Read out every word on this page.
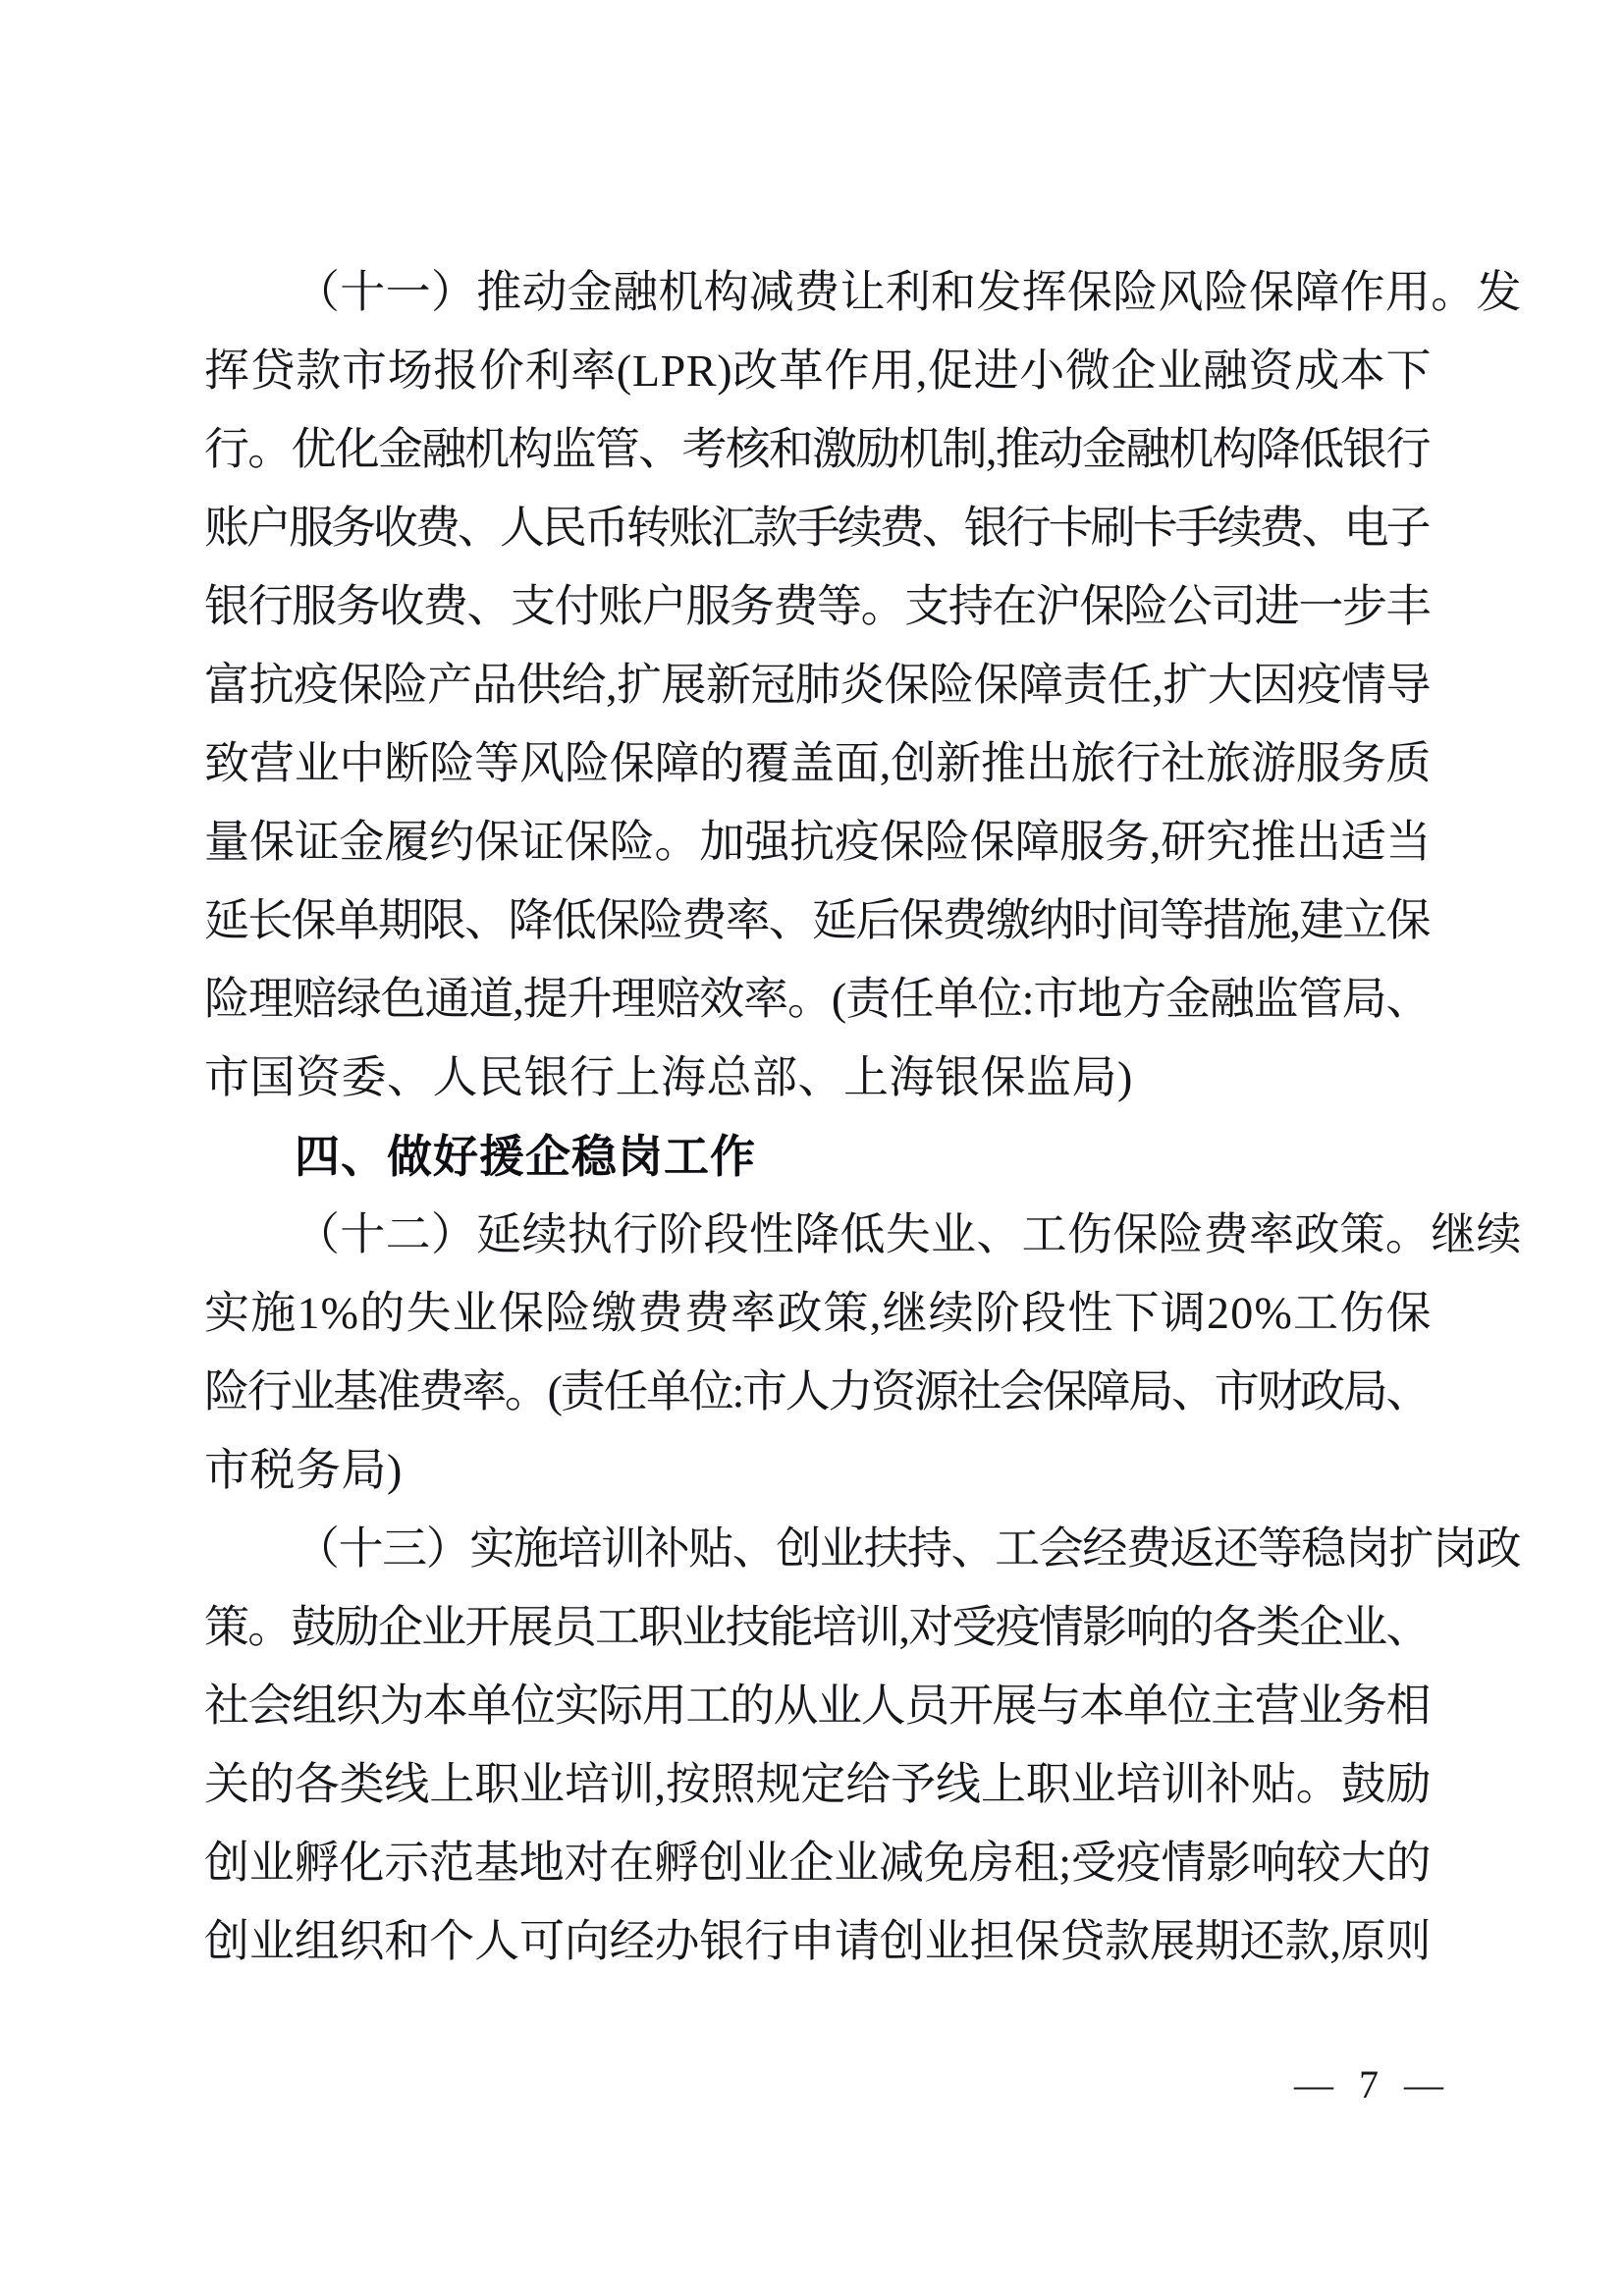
（十一）推动金融机构减费让利和发挥保险风险保障作用。发
挥贷款市场报价利率(LPR)改革作用,促进小微企业融资成本下
行。优化金融机构监管、考核和激励机制,推动金融机构降低银行
账户服务收费、人民币转账汇款手续费、银行卡刷卡手续费、电子
银行服务收费、支付账户服务费等。支持在沪保险公司进一步丰
富抗疫保险产品供给,扩展新冠肺炎保险保障责任,扩大因疫情导
致营业中断险等风险保障的覆盖面,创新推出旅行社旅游服务质
量保证金履约保证保险。加强抗疫保险保障服务,研究推出适当
延长保单期限、降低保险费率、延后保费缴纳时间等措施,建立保
险理赔绿色通道,提升理赔效率。(责任单位:市地方金融监管局、
市国资委、人民银行上海总部、上海银保监局)
四、做好援企稳岗工作
（十二）延续执行阶段性降低失业、工伤保险费率政策。继续
实施1%的失业保险缴费费率政策,继续阶段性下调20%工伤保
险行业基准费率。(责任单位:市人力资源社会保障局、市财政局、
市税务局)
（十三）实施培训补贴、创业扶持、工会经费返还等稳岗扩岗政
策。鼓励企业开展员工职业技能培训,对受疫情影响的各类企业、
社会组织为本单位实际用工的从业人员开展与本单位主营业务相
关的各类线上职业培训,按照规定给予线上职业培训补贴。鼓励
创业孵化示范基地对在孵创业企业减免房租;受疫情影响较大的
创业组织和个人可向经办银行申请创业担保贷款展期还款,原则
— 7 —
